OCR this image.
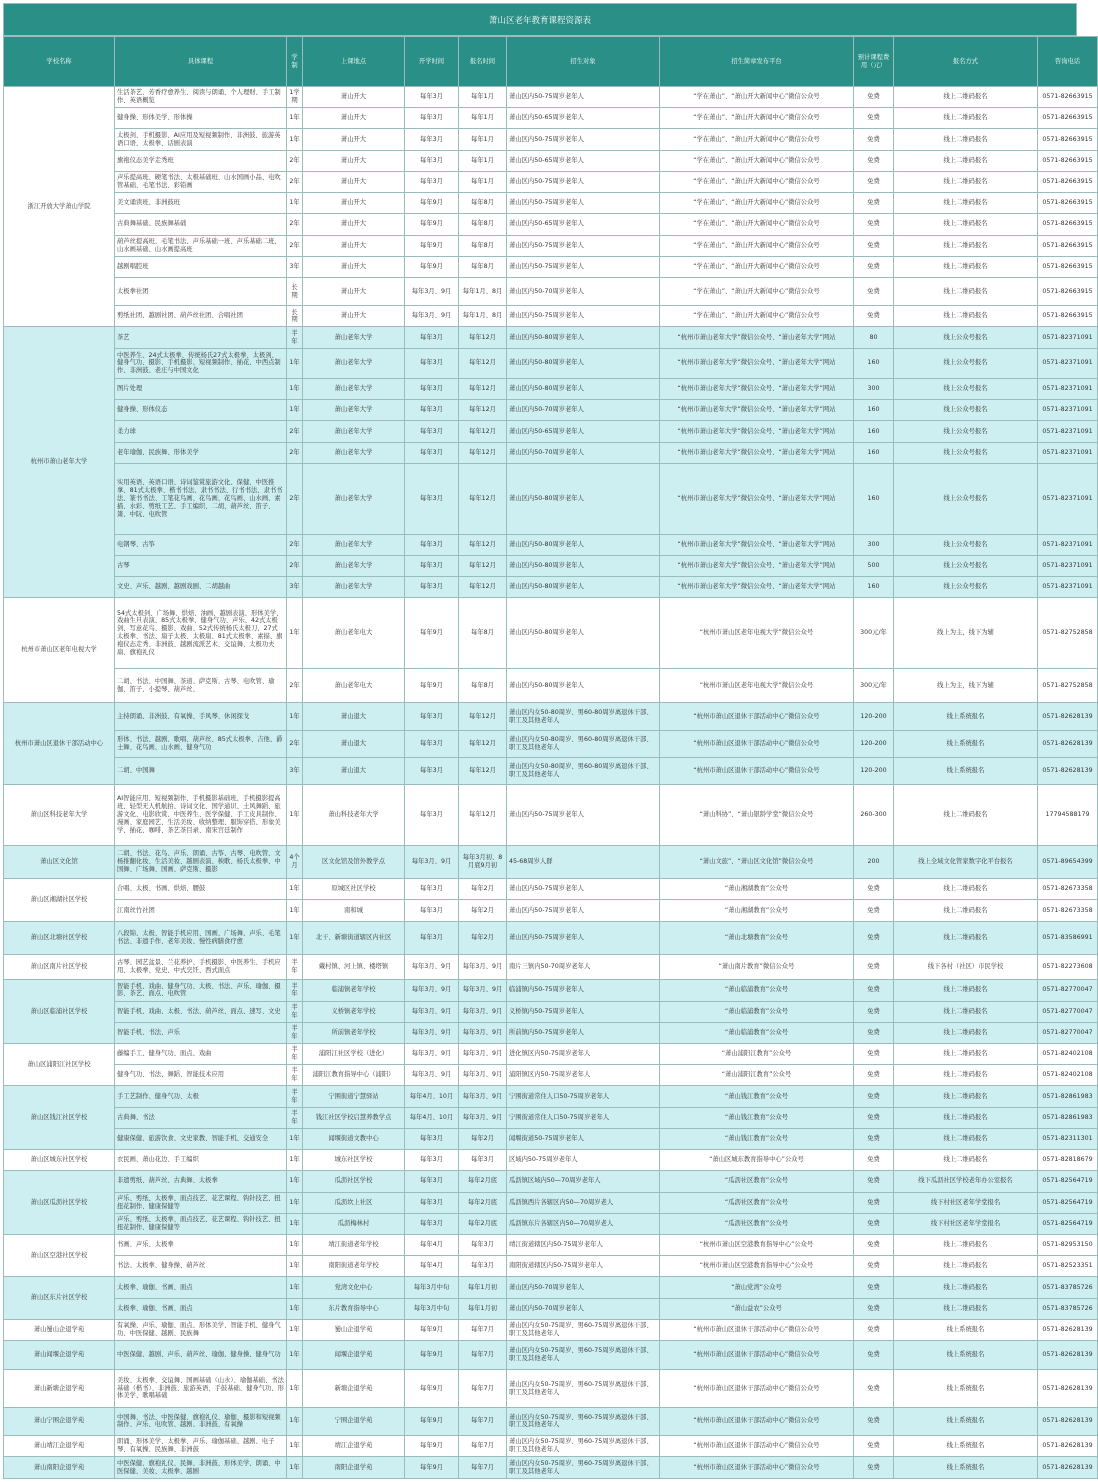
萧山区老年教育课程资源表
学校名称	具体课程	学制	上课地点	开学时间	报名时间	招生对象	招生简章发布平台	预计课程费用（元）	报名方式	咨询电话
浙江开放大学萧山学院	生活茶艺、芳香疗愈养生、阅读与朗诵、个人理财、手工制作、英语概览	1学期	萧山开大	每年3月	每年1月	萧山区内50-75周岁老年人	“学在萧山”、“萧山开大新闻中心”微信公众号	免费	线上二维码报名	0571-82663915
	健身操、形体美学、形体操	1年	萧山开大	每年3月	每年1月	萧山区内50-65周岁老年人	“学在萧山”、“萧山开大新闻中心”微信公众号	免费	线上二维码报名	0571-82663915
	太极剑、手机摄影、AI应用及短视频制作、非洲鼓、旅游英语口语、太极拳、话剧表演	1年	萧山开大	每年3月	每年1月	萧山区内50-75周岁老年人	“学在萧山”、“萧山开大新闻中心”微信公众号	免费	线上二维码报名	0571-82663915
	旗袍仪态美学走秀班	2年	萧山开大	每年3月	每年1月	萧山区内50-65周岁老年人	“学在萧山”、“萧山开大新闻中心”微信公众号	免费	线上二维码报名	0571-82663915
	声乐提高班、硬笔书法、太极基础班、山水国画小品、电吹管基础、毛笔书法、彩铅画	2年	萧山开大	每年3月	每年1月	萧山区内50-75周岁老年人	“学在萧山”、“萧山开大新闻中心”微信公众号	免费	线上二维码报名	0571-82663915
	美文诵读班、非洲鼓班	1年	萧山开大	每年9月	每年8月	萧山区内50-75周岁老年人	“学在萧山”、“萧山开大新闻中心”微信公众号	免费	线上二维码报名	0571-82663915
	古典舞基础、民族舞基础	2年	萧山开大	每年9月	每年8月	萧山区内50-65周岁老年人	“学在萧山”、“萧山开大新闻中心”微信公众号	免费	线上二维码报名	0571-82663915
	葫芦丝提高班、毛笔书法、声乐基础一班、声乐基础二班、山水画基础、山水画提高班	2年	萧山开大	每年9月	每年8月	萧山区内50-75周岁老年人	“学在萧山”、“萧山开大新闻中心”微信公众号	免费	线上二维码报名	0571-82663915
	越剧唱腔班	3年	萧山开大	每年9月	每年8月	萧山区内50-75周岁老年人	“学在萧山”、“萧山开大新闻中心”微信公众号	免费	线上二维码报名	0571-82663915
	太极拳社团	长期	萧山开大	每年3月、9月	每年1月、8月	萧山区内50-70周岁老年人	“学在萧山”、“萧山开大新闻中心”微信公众号	免费	线上二维码报名	0571-82663915
	剪纸社团、越剧社团、葫芦丝社团、合唱社团	长期	萧山开大	每年3月、9月	每年1月、8月	萧山区内50-75周岁老年人	“学在萧山”、“萧山开大新闻中心”微信公众号	免费	线上二维码报名	0571-82663915
杭州市萧山老年大学	茶艺	半年	萧山老年大学	每年3月	每年12月	萧山区内50-80周岁老年人	“杭州市萧山老年大学”微信公众号、“萧山老年大学”网站	80	线上公众号报名	0571-82371091
	中医养生、24式太极拳、传统杨氏27式太极拳、太极剑、健身气功、摄影、手机摄影、短视频制作、插花、中西点制作、非洲鼓、老庄与中国文化	1年	萧山老年大学	每年3月	每年12月	萧山区内50-80周岁老年人	“杭州市萧山老年大学”微信公众号、“萧山老年大学”网站	160	线上公众号报名	0571-82371091
	图片处理	1年	萧山老年大学	每年3月	每年12月	萧山区内50-80周岁老年人	“杭州市萧山老年大学”微信公众号、“萧山老年大学”网站	300	线上公众号报名	0571-82371091
	健身操、形体仪态	1年	萧山老年大学	每年3月	每年12月	萧山区内50-70周岁老年人	“杭州市萧山老年大学”微信公众号、“萧山老年大学”网站	160	线上公众号报名	0571-82371091
	柔力球	2年	萧山老年大学	每年3月	每年12月	萧山区内50-65周岁老年人	“杭州市萧山老年大学”微信公众号、“萧山老年大学”网站	160	线上公众号报名	0571-82371091
	老年瑜伽、民族舞、形体美学	2年	萧山老年大学	每年3月	每年12月	萧山区内50-70周岁老年人	“杭州市萧山老年大学”微信公众号、“萧山老年大学”网站	160	线上公众号报名	0571-82371091
	实用英语、英语口语、诗词鉴赏旅游文化、保健、中医推拿、81式太极拳、楷书书法、隶书书法、行书书法、隶书书法、篆书书法、工笔花鸟画、花鸟画、花鸟画、山水画、素描、水彩、剪纸工艺、手工编织、二胡、葫芦丝、笛子、箫、中阮、电吹管	2年	萧山老年大学	每年3月	每年12月	萧山区内50-80周岁老年人	“杭州市萧山老年大学”微信公众号、“萧山老年大学”网站	160	线上公众号报名	0571-82371091
	电钢琴、古筝	2年	萧山老年大学	每年3月	每年12月	萧山区内50-80周岁老年人	“杭州市萧山老年大学”微信公众号、“萧山老年大学”网站	300	线上公众号报名	0571-82371091
	古琴	2年	萧山老年大学	每年3月	每年12月	萧山区内50-80周岁老年人	“杭州市萧山老年大学”微信公众号、“萧山老年大学”网站	500	线上公众号报名	0571-82371091
	文史、声乐、越剧、越剧戏剧、二胡越曲	3年	萧山老年大学	每年3月	每年12月	萧山区内50-80周岁老年人	“杭州市萧山老年大学”微信公众号、“萧山老年大学”网站	160	线上公众号报名	0571-82371091
杭州市萧山区老年电视大学	54式太极剑、广场舞、烘焙、油画、越剧表演、形体美学、戏曲生旦表演、85式太极拳、健身气功、声乐、42式太极剑、写意花鸟、摄影、戏曲、52式传统杨氏太极刀、27式太极拳、书法、扇子太极、太极扇、81式太极拳、素描、旗袍仪态走秀、非洲鼓、越剧流派艺术、交谊舞、太极功夫扇、旗袍礼仪	1年	萧山老年电大	每年9月	每年8月	萧山区内50-80周岁老年人	“杭州市萧山区老年电视大学”微信公众号	300元/年	线上为主，线下为辅	0571-82752858
	二胡、书法、中国舞、茶道、萨克斯、古琴、电吹管、瑜伽、笛子、小提琴、葫芦丝、	2年	萧山老年电大	每年9月	每年8月	萧山区内50-80周岁老年人	“杭州市萧山区老年电视大学”微信公众号	300元/年	线上为主，线下为辅	0571-82752858
杭州市萧山区退休干部活动中心	主持朗诵、非洲鼓、有氧操、手风琴、休闲探戈	1年	萧山退大	每年3月	每年12月	萧山区内女50-80周岁、男60-80周岁离退休干部、职工及其他老年人	“杭州市萧山区退休干部活动中心”微信公众号	120-200	线上系统报名	0571-82628139
	形体、书法、越剧、歌唱、葫芦丝、85式太极拳、吉他、爵士舞、花鸟画、山水画、健身气功	2年	萧山退大	每年3月	每年12月	萧山区内女50-80周岁、男60-80周岁离退休干部、职工及其他老年人	“杭州市萧山区退休干部活动中心”微信公众号	120-200	线上系统报名	0571-82628139
	二胡、中国舞	3年	萧山退大	每年3月	每年12月	萧山区内女50-80周岁、男60-80周岁离退休干部、职工及其他老年人	“杭州市萧山区退休干部活动中心”微信公众号	120-200	线上系统报名	0571-82628139
萧山区科技老年大学	AI智能应用、短视频制作、手机摄影基础班、手机摄影提高班、轻型无人机航拍、诗词文化、国学通识、土风舞蹈、旅游文化、电影欣赏、中医养生、医学保健、手工皮具制作、漫画、家庭园艺、生活美妆、收纳整理、服饰穿搭、形象美学、插花、咖啡、茶艺茶目录、南宋宫廷制作	1年	萧山科技老年大学	每年3月	每年12月	萧山区内50-75周岁老年人	“萧山科协”、“萧山银龄学堂”微信公众号	260-300	线上二维码报名	17794588179
萧山区文化馆	二胡、书法、花鸟、声乐、朗诵、古筝、古琴、电吹管、文杨推翻化妆、生活美妆、越剧表演、秧歌、杨氏太极拳、中国舞、广场舞、国画、萨克斯、摄影	4个月	区文化馆及馆外教学点	每年3月、9月	每年3月初、8月底9月初	45-68周岁人群	“萧山文旅”、“萧山区文化馆”微信公众号	200	线上全域文化管家数字化平台报名	0571-89654399
萧山区湘湖社区学校	合唱、太极、书画、烘焙、腰鼓	1年	原城区社区学校	每年3月	每年2月	萧山区内50-75周岁老年人	“萧山湘湖教育”公众号	免费	线上二维码报名	0571-82673358
	江南丝竹社团	1年	南和城	每年3月	每年2月	萧山区内50-75周岁老年人	“萧山湘湖教育”公众号	免费	线上二维码报名	0571-82673358
萧山区北塘社区学校	八段锦、太极、智能手机应用、国画、广场舞、声乐、毛笔书法、非遗手作、老年美妆、慢性病膳食疗愈	1年	北干、新塘街道辖区内社区	每年3月	每年2月	萧山区内50-75周岁老年人	“萧山北塘教育”公众号	免费	线上二维码报名	0571-83586991
萧山区南片社区学校	古琴、园艺盆景、兰花养护、手机摄影、中医养生、手机应用、太极拳、党史、中式烹饪、西式面点	半年	戴村镇、河上镇、楼塔镇	每年3月、9月	每年3月、9月	南片三镇内50-70周岁老年人	“萧山南片教育”微信公众号	免费	线下各村（社区）市民学校	0571-82273608
萧山区临浦社区学校	智能手机、戏曲、健身气功、太极、书法、声乐、瑜伽、摄影、茶艺、面点、电吹管	半年	临浦镇老年学校	每年3月、9月	每年3月、9月	临浦镇内50-75周岁老年人	“萧山临浦教育”公众号	免费	线上二维码报名	0571-82770047
	智能手机、戏曲、太极、书法、葫芦丝、面点、速写、文史	半年	义桥镇老年学校	每年3月、9月	每年3月、9月	义桥镇内50-75周岁老年人	“萧山临浦教育”公众号	免费	线上二维码报名	0571-82770047
	智能手机、书法、声乐	半年	所前镇老年学校	每年3月、9月	每年3月、9月	所前镇内50-75周岁老年人	“萧山临浦教育”公众号	免费	线上二维码报名	0571-82770047
萧山区浦阳江社区学校	藤编手工、健身气功、面点、戏曲	半年	浦阳江社区学校（进化）	每年3月、9月	每年3月、9月	进化镇区内50-75周岁老年人	“萧山浦阳江教育”公众号	免费	线上二维码报名	0571-82402108
	健身气功、书法、舞蹈、智能技术应用	半年	浦阳江教育指导中心（浦阳）	每年3月、9月	每年3月、9月	浦阳镇区内50-75周岁老年人	“萧山浦阳江教育”公众号	免费	线上二维码报名	0571-82402108
萧山区钱江社区学校	手工艺制作、健身气功、太极	半年	宁围街道宁慧驿站	每年4月、10月	每年3月、9月	宁围街道常住人口50-75周岁老年人	“萧山钱江教育”公众号	免费	线上二维码报名	0571-82861983
	古典舞、书法	半年	钱江社区学校启慧养教学点	每年4月、10月	每年3月、9月	宁围街道常住人口50-75周岁老年人	“萧山钱江教育”公众号	免费	线上二维码报名	0571-82861983
	健康保健、旅游饮食、文史家教、智能手机、交通安全	1年	闻堰街道文教中心	每年3月	每年2月	闻堰街道50-75周岁老年人	“萧山钱江教育”公众号	免费	线上二维码报名	0571-82311301
萧山区城东社区学校	衣民画、萧山花边、手工编织	1年	城东社区学校	每年3月	每年3月	区域内50-75周岁老年人	“萧山区城东教育指导中心”公众号	免费	线上二维码报名	0571-82818679
萧山区瓜沥社区学校	非遗剪纸、葫芦丝、古典舞、太极拳	1年	瓜沥社区学校	每年3月	每年2月底	瓜沥镇区域内50—70周岁老年人	“瓜沥社区教育”公众号	免费	线下瓜沥社区学校老年办公室报名	0571-82564719
	声乐、剪纸、太极拳、面点技艺、花艺课程、钩针技艺、扭扭花制作、健康保健等	1年	瓜沥坎上社区	每年3月	每年2月底	瓜沥镇西片各辖区内50—70周岁老人	“瓜沥社区教育”公众号	免费	线下村社区老年学堂报名	0571-82564719
	声乐、剪纸、太极拳、面点技艺、花艺课程、钩针技艺、扭扭花制作、健康保健等	1年	瓜沥梅林村	每年3月	每年2月底	瓜沥镇东片各辖区内50—70周岁老人	“瓜沥社区教育”公众号	免费	线下村社区老年学堂报名	0571-82564719
萧山区空港社区学校	书画、声乐、太极拳	1年	靖江街道老年学校	每年4月	每年3月	靖江街道辖区内50-75周岁老年人	“杭州市萧山区空港教育指导中心”公众号	免费	线上二维码报名	0571-82953150
	书法、太极拳、健身操、葫芦丝	1年	南阳街道老年学校	每年4月	每年3月	南阳街道辖区内50-75周岁老年人	“杭州市萧山区空港教育指导中心”公众号	免费	线上二维码报名	0571-82523351
萧山区东片社区学校	太极拳、瑜伽、书画、面点	1年	党湾文化中心	每年3月中旬	每年1月初	萧山区内50-70周岁老年人	“萧山党湾”公众号	免费	线上二维码报名	0571-83785726
	太极拳、瑜伽、书画、面点	1年	东片教育指导中心	每年3月中旬	每年1月初	萧山区内50-70周岁老年人	“萧山益农”公众号	免费	线上二维码报名	0571-83785726
萧山蜀山企退学苑	有氧操、声乐、瑜伽、面点、形体美学、智能手机、健身气功、中医保健、越剧、民族舞	1年	蜀山企退学苑	每年9月	每年7月	萧山区内女50-75周岁、男60-75周岁离退休干部、职工及其他老年人	“杭州市萧山区退休干部活动中心”微信公众号	免费	线上系统报名	0571-82628139
萧山闻堰企退学苑	中医保健、越剧、声乐、葫芦丝、瑜伽、健身操、健身气功	1年	闻堰企退学苑	每年9月	每年7月	萧山区内女50-75周岁、男60-75周岁离退休干部、职工及其他老年人	“杭州市萧山区退休干部活动中心”微信公众号	免费	线上系统报名	0571-82628139
萧山新塘企退学苑	美妆、太极拳、交谊舞、国画基础（山水）、瑜伽基础、书法基础（楷书）、非洲鼓、旅游英语、手鼓基础、健身气功、形体美学、歌唱基础	1年	新塘企退学苑	每年9月	每年7月	萧山区内女50-75周岁、男60-75周岁离退休干部、职工及其他老年人	“杭州市萧山区退休干部活动中心”微信公众号	免费	线上系统报名	0571-82628139
萧山宁围企退学苑	中国舞、书法、中医保健、旗袍礼仪、瑜伽、摄影和短视频制作、声乐、电吹管、越剧、非洲鼓、有氧操	1年	宁围企退学苑	每年9月	每年7月	萧山区内女50-75周岁、男60-75周岁离退休干部、职工及其他老年人	“杭州市萧山区退休干部活动中心”微信公众号	免费	线上系统报名	0571-82628139
萧山靖江企退学苑	朗诵、形体美学、太极拳、声乐、瑜伽基础、越剧、电子琴、有氧操、民族舞、非洲鼓	1年	靖江企退学苑	每年9月	每年7月	萧山区内女50-75周岁、男60-75周岁离退休干部、职工及其他老年人	“杭州市萧山区退休干部活动中心”微信公众号	免费	线上系统报名	0571-82628139
萧山南阳企退学苑	中医保健、旗袍礼仪、民舞、非洲鼓、形体美学、朗诵、中医保健、美妆、太极拳、越剧	1年	南阳企退学苑	每年9月	每年7月	萧山区内女50-75周岁、男60-75周岁离退休干部、职工及其他老年人	“杭州市萧山区退休干部活动中心”微信公众号	免费	线上系统报名	0571-82628139
